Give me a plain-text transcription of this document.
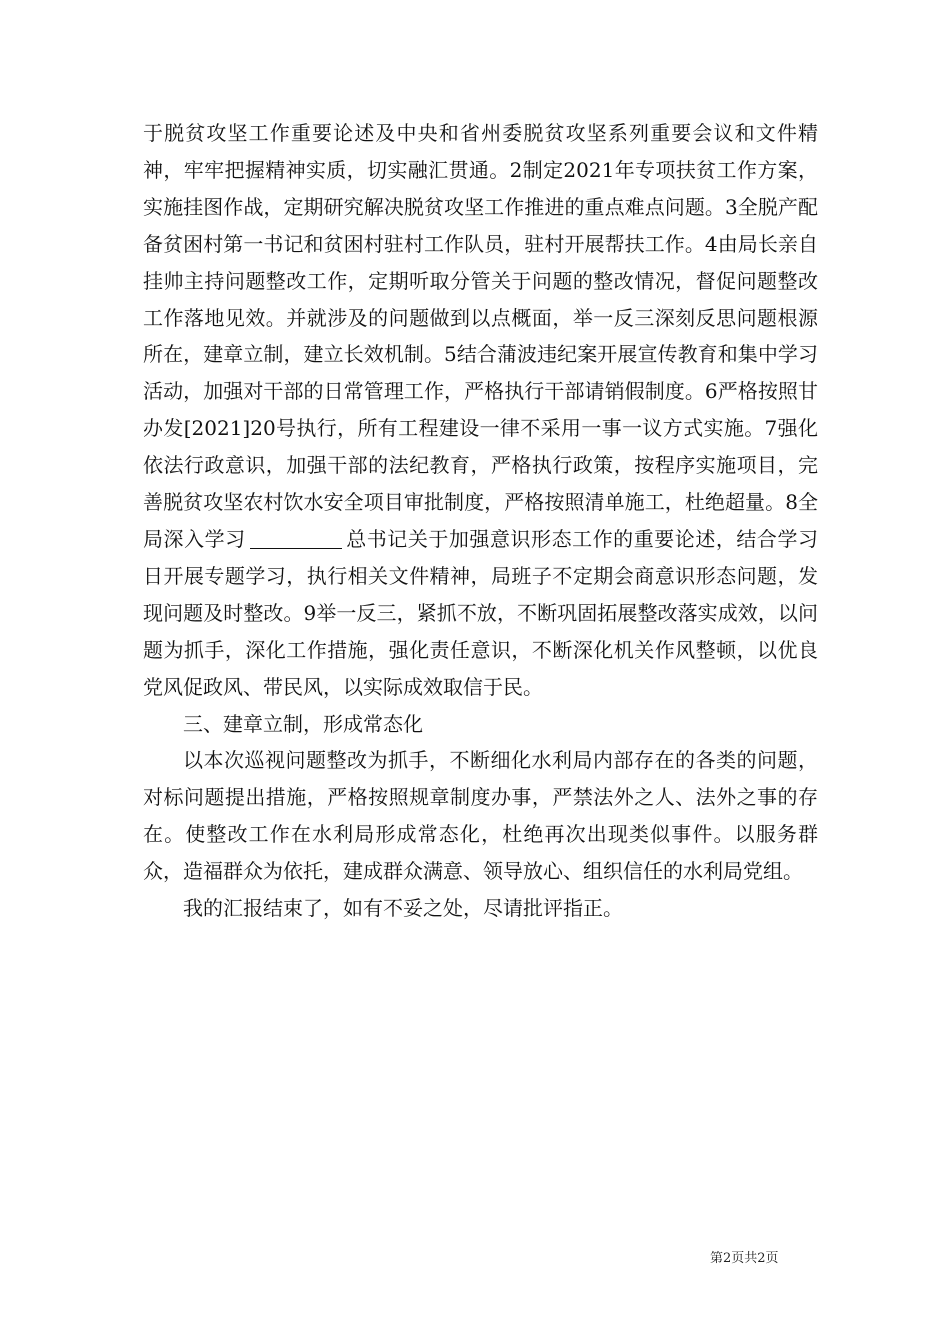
于脱贫攻坚工作重要论述及中央和省州委脱贫攻坚系列重要会议和文件精神，牢牢把握精神实质，切实融汇贯通。2制定2021年专项扶贫工作方案，实施挂图作战，定期研究解决脱贫攻坚工作推进的重点难点问题。3全脱产配备贫困村第一书记和贫困村驻村工作队员，驻村开展帮扶工作。4由局长亲自挂帅主持问题整改工作，定期听取分管关于问题的整改情况，督促问题整改工作落地见效。并就涉及的问题做到以点概面，举一反三深刻反思问题根源所在，建章立制，建立长效机制。5结合蒲波违纪案开展宣传教育和集中学习活动，加强对干部的日常管理工作，严格执行干部请销假制度。6严格按照甘办发[2021]20号执行，所有工程建设一律不采用一事一议方式实施。7强化依法行政意识，加强干部的法纪教育，严格执行政策，按程序实施项目，完善脱贫攻坚农村饮水安全项目审批制度，严格按照清单施工，杜绝超量。8全局深入学习	总书记关于加强意识形态工作的重要论述，结合学习日开展专题学习，执行相关文件精神，局班子不定期会商意识形态问题，发现问题及时整改。9举一反三，紧抓不放，不断巩固拓展整改落实成效，以问题为抓手，深化工作措施，强化责任意识，不断深化机关作风整顿，以优良党风促政风、带民风，以实际成效取信于民。

三、建章立制，形成常态化

以本次巡视问题整改为抓手，不断细化水利局内部存在的各类的问题，对标问题提出措施，严格按照规章制度办事，严禁法外之人、法外之事的存在。使整改工作在水利局形成常态化，杜绝再次出现类似事件。以服务群众，造福群众为依托，建成群众满意、领导放心、组织信任的水利局党组。

我的汇报结束了，如有不妥之处，尽请批评指正。

第2页共2页
